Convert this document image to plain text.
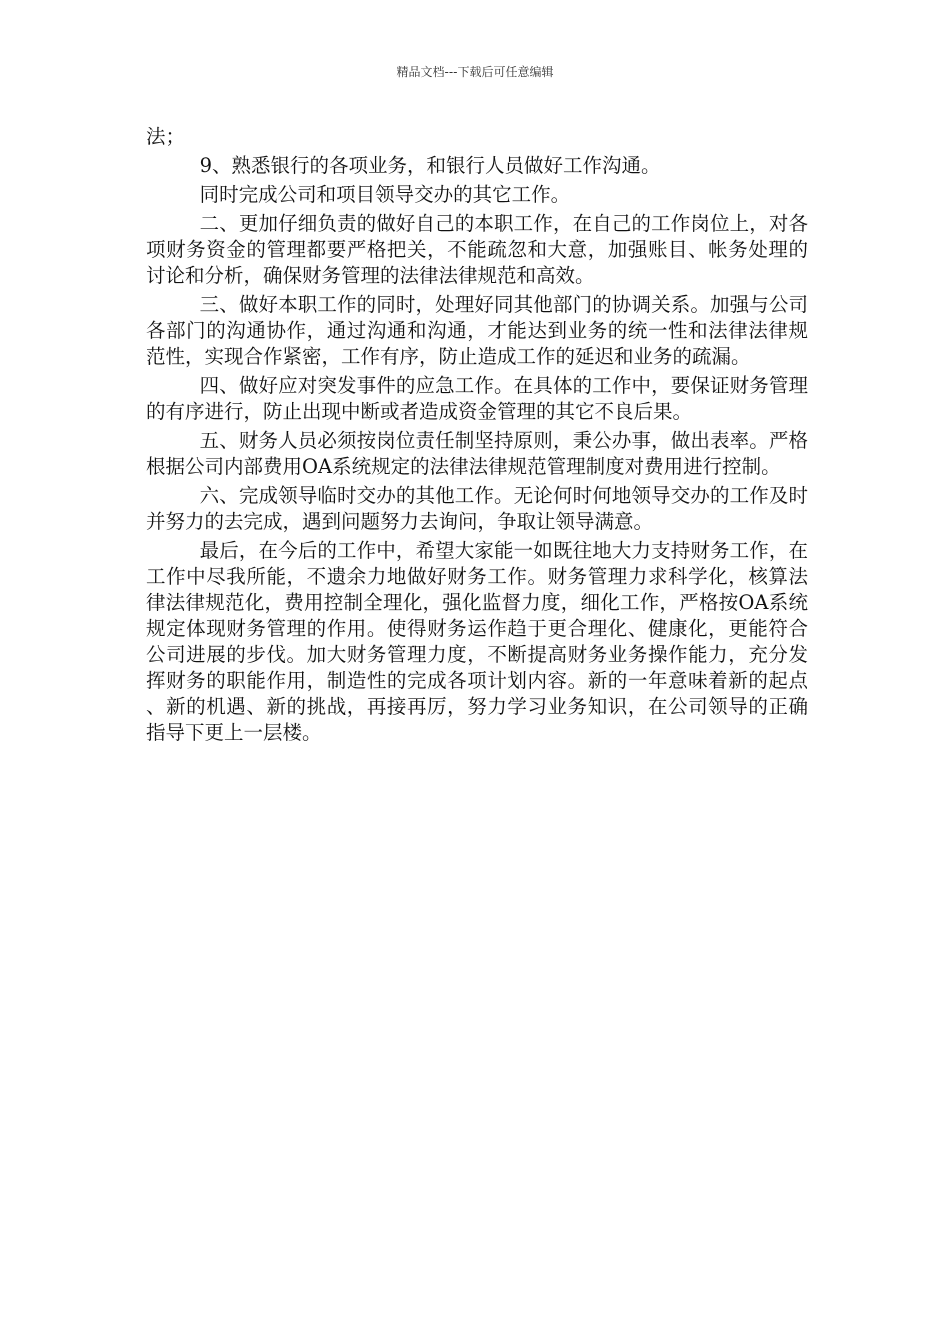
精品文档---下载后可任意编辑

法；

9、熟悉银行的各项业务，和银行人员做好工作沟通。

同时完成公司和项目领导交办的其它工作。

二、更加仔细负责的做好自己的本职工作，在自己的工作岗位上，对各项财务资金的管理都要严格把关，不能疏忽和大意，加强账目、帐务处理的讨论和分析，确保财务管理的法律法律规范和高效。

三、做好本职工作的同时，处理好同其他部门的协调关系。加强与公司各部门的沟通协作，通过沟通和沟通，才能达到业务的统一性和法律法律规范性，实现合作紧密，工作有序，防止造成工作的延迟和业务的疏漏。

四、做好应对突发事件的应急工作。在具体的工作中，要保证财务管理的有序进行，防止出现中断或者造成资金管理的其它不良后果。

五、财务人员必须按岗位责任制坚持原则，秉公办事，做出表率。严格根据公司内部费用OA系统规定的法律法律规范管理制度对费用进行控制。

六、完成领导临时交办的其他工作。无论何时何地领导交办的工作及时并努力的去完成，遇到问题努力去询问，争取让领导满意。

最后，在今后的工作中，希望大家能一如既往地大力支持财务工作，在工作中尽我所能，不遗余力地做好财务工作。财务管理力求科学化，核算法律法律规范化，费用控制全理化，强化监督力度，细化工作，严格按OA系统规定体现财务管理的作用。使得财务运作趋于更合理化、健康化，更能符合公司进展的步伐。加大财务管理力度，不断提高财务业务操作能力，充分发挥财务的职能作用，制造性的完成各项计划内容。新的一年意味着新的起点、新的机遇、新的挑战，再接再厉，努力学习业务知识，在公司领导的正确指导下更上一层楼。
